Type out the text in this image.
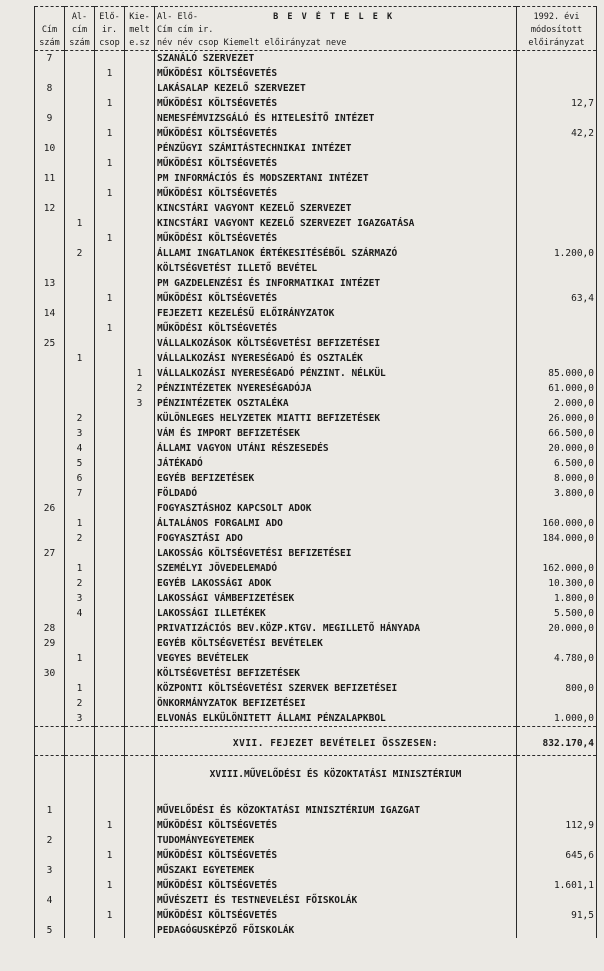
	Al-	Elő-	Kie-	Al- Elő- B E V É T E L E K	1992. évi
Cím	cím	ir.	melt	Cím cím ir.	módosított
szám	szám	csop	e.sz	név név csop Kiemelt előirányzat neve	előirányzat
7				SZANÁLÓ SZERVEZET	
		1		MŰKÖDÉSI KÖLTSÉGVETÉS	
8				LAKÁSALAP KEZELŐ SZERVEZET	
		1		MŰKÖDÉSI KÖLTSÉGVETÉS	12,7
9				NEMESFÉMVIZSGÁLÓ ÉS HITELESÍTŐ INTÉZET	
		1		MŰKÖDÉSI KÖLTSÉGVETÉS	42,2
10				PÉNZÜGYI SZÁMITÁSTECHNIKAI INTÉZET	
		1		MŰKÖDÉSI KÖLTSÉGVETÉS	
11				PM INFORMÁCIÓS ÉS MODSZERTANI INTÉZET	
		1		MŰKÖDÉSI KÖLTSÉGVETÉS	
12				KINCSTÁRI VAGYONT KEZELŐ SZERVEZET	
	1			KINCSTÁRI VAGYONT KEZELŐ SZERVEZET IGAZGATÁSA	
		1		MŰKÖDÉSI KÖLTSÉGVETÉS	
	2			ÁLLAMI INGATLANOK ÉRTÉKESITÉSÉBŐL SZÁRMAZÓ	1.200,0
				KÖLTSÉGVETÉST ILLETŐ BEVÉTEL	
13				PM GAZDELENZÉSI ÉS INFORMATIKAI INTÉZET	
		1		MŰKÖDÉSI KÖLTSÉGVETÉS	63,4
14				FEJEZETI KEZELÉSŰ ELŐIRÁNYZATOK	
		1		MŰKÖDÉSI KÖLTSÉGVETÉS	
25				VÁLLALKOZÁSOK KÖLTSÉGVETÉSI BEFIZETÉSEI	
	1			VÁLLALKOZÁSI NYERESÉGADÓ ÉS OSZTALÉK	
			1	VÁLLALKOZÁSI NYERESÉGADÓ PÉNZINT. NÉLKÜL	85.000,0
			2	PÉNZINTÉZETEK NYERESÉGADÓJA	61.000,0
			3	PÉNZINTÉZETEK OSZTALÉKA	2.000,0
	2			KÜLÖNLEGES HELYZETEK MIATTI BEFIZETÉSEK	26.000,0
	3			VÁM ÉS IMPORT BEFIZETÉSEK	66.500,0
	4			ÁLLAMI VAGYON UTÁNI RÉSZESEDÉS	20.000,0
	5			JÁTÉKADÓ	6.500,0
	6			EGYÉB BEFIZETÉSEK	8.000,0
	7			FÖLDADÓ	3.800,0
26				FOGYASZTÁSHOZ KAPCSOLT ADOK	
	1			ÁLTALÁNOS FORGALMI ADO	160.000,0
	2			FOGYASZTÁSI ADO	184.000,0
27				LAKOSSÁG KÖLTSÉGVETÉSI BEFIZETÉSEI	
	1			SZEMÉLYI JÖVEDELEMADÓ	162.000,0
	2			EGYÉB LAKOSSÁGI ADOK	10.300,0
	3			LAKOSSÁGI VÁMBEFIZETÉSEK	1.800,0
	4			LAKOSSÁGI ILLETÉKEK	5.500,0
28				PRIVATIZÁCIÓS BEV.KÖZP.KTGV. MEGILLETŐ HÁNYADA	20.000,0
29				EGYÉB KÖLTSÉGVETÉSI BEVÉTELEK	
	1			VEGYES BEVÉTELEK	4.780,0
30				KÖLTSÉGVETÉSI BEFIZETÉSEK	
	1			KÖZPONTI KÖLTSÉGVETÉSI SZERVEK BEFIZETÉSEI	800,0
	2			ÖNKORMÁNYZATOK BEFIZETÉSEI	
	3			ELVONÁS ELKÜLÖNITETT ÁLLAMI PÉNZALAPKBOL	1.000,0

				XVII. FEJEZET BEVÉTELEI ÖSSZESEN:	832.170,4

				XVIII.MŰVELŐDÉSI ÉS KÖZOKTATÁSI MINISZTÉRIUM	

1				MŰVELŐDÉSI ÉS KÖZOKTATÁSI MINISZTÉRIUM IGAZGAT	
		1		MŰKÖDÉSI KÖLTSÉGVETÉS	112,9
2				TUDOMÁNYEGYETEMEK	
		1		MŰKÖDÉSI KÖLTSÉGVETÉS	645,6
3				MŰSZAKI EGYETEMEK	
		1		MŰKÖDÉSI KÖLTSÉGVETÉS	1.601,1
4				MŰVÉSZETI ÉS TESTNEVELÉSI FŐISKOLÁK	
		1		MŰKÖDÉSI KÖLTSÉGVETÉS	91,5
5				PEDAGÓGUSKÉPZŐ FŐISKOLÁK	
